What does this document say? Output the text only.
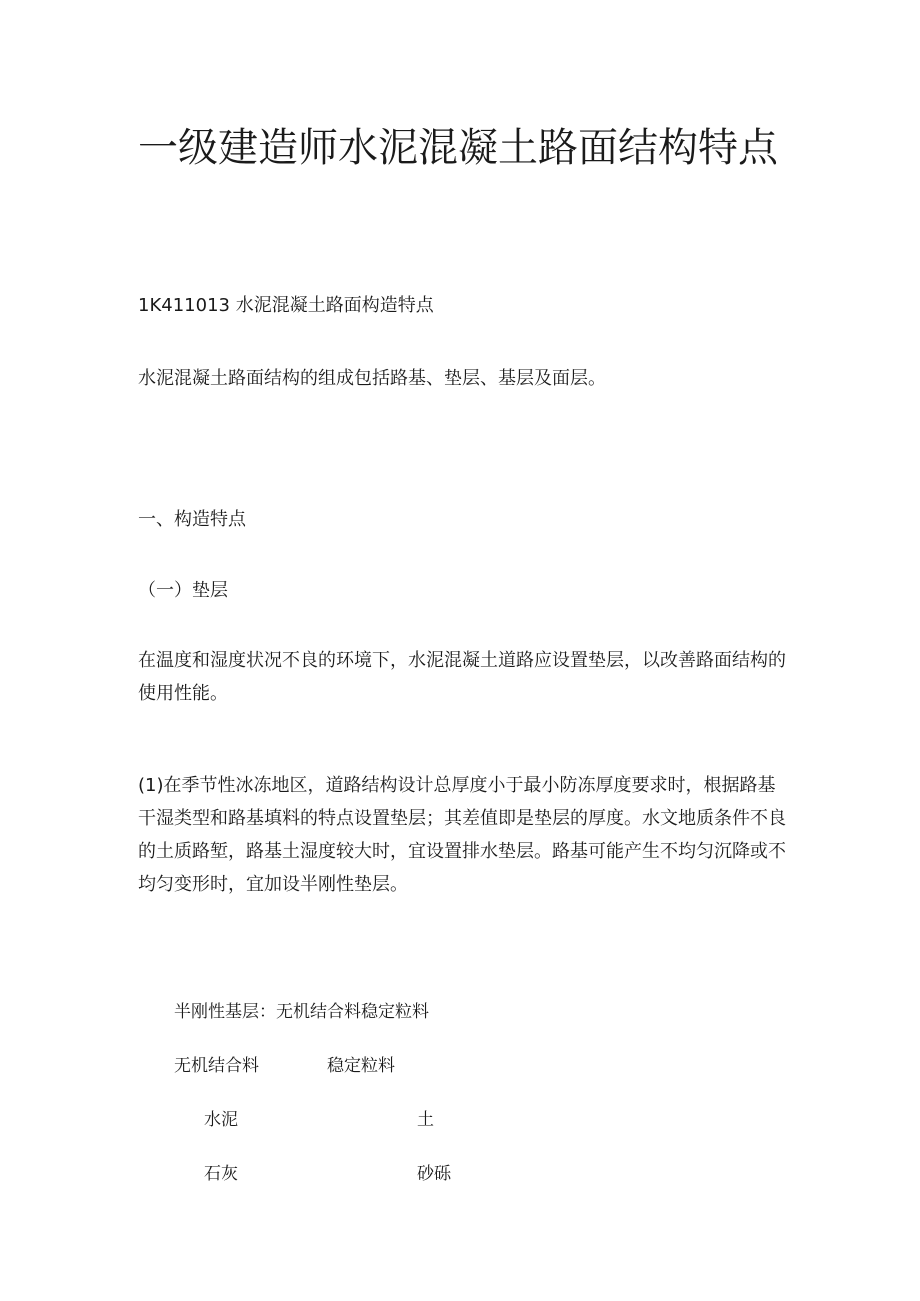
一级建造师水泥混凝土路面结构特点

1K411013 水泥混凝土路面构造特点

水泥混凝土路面结构的组成包括路基、垫层、基层及面层。

一、构造特点

（一）垫层

在温度和湿度状况不良的环境下，水泥混凝土道路应设置垫层，以改善路面结构的使用性能。

(1)在季节性冰冻地区，道路结构设计总厚度小于最小防冻厚度要求时，根据路基干湿类型和路基填料的特点设置垫层；其差值即是垫层的厚度。水文地质条件不良的土质路堑，路基土湿度较大时，宜设置排水垫层。路基可能产生不均匀沉降或不均匀变形时，宜加设半刚性垫层。

半刚性基层：无机结合料稳定粒料

无机结合料	稳定粒料

水泥	土

石灰	砂砾
